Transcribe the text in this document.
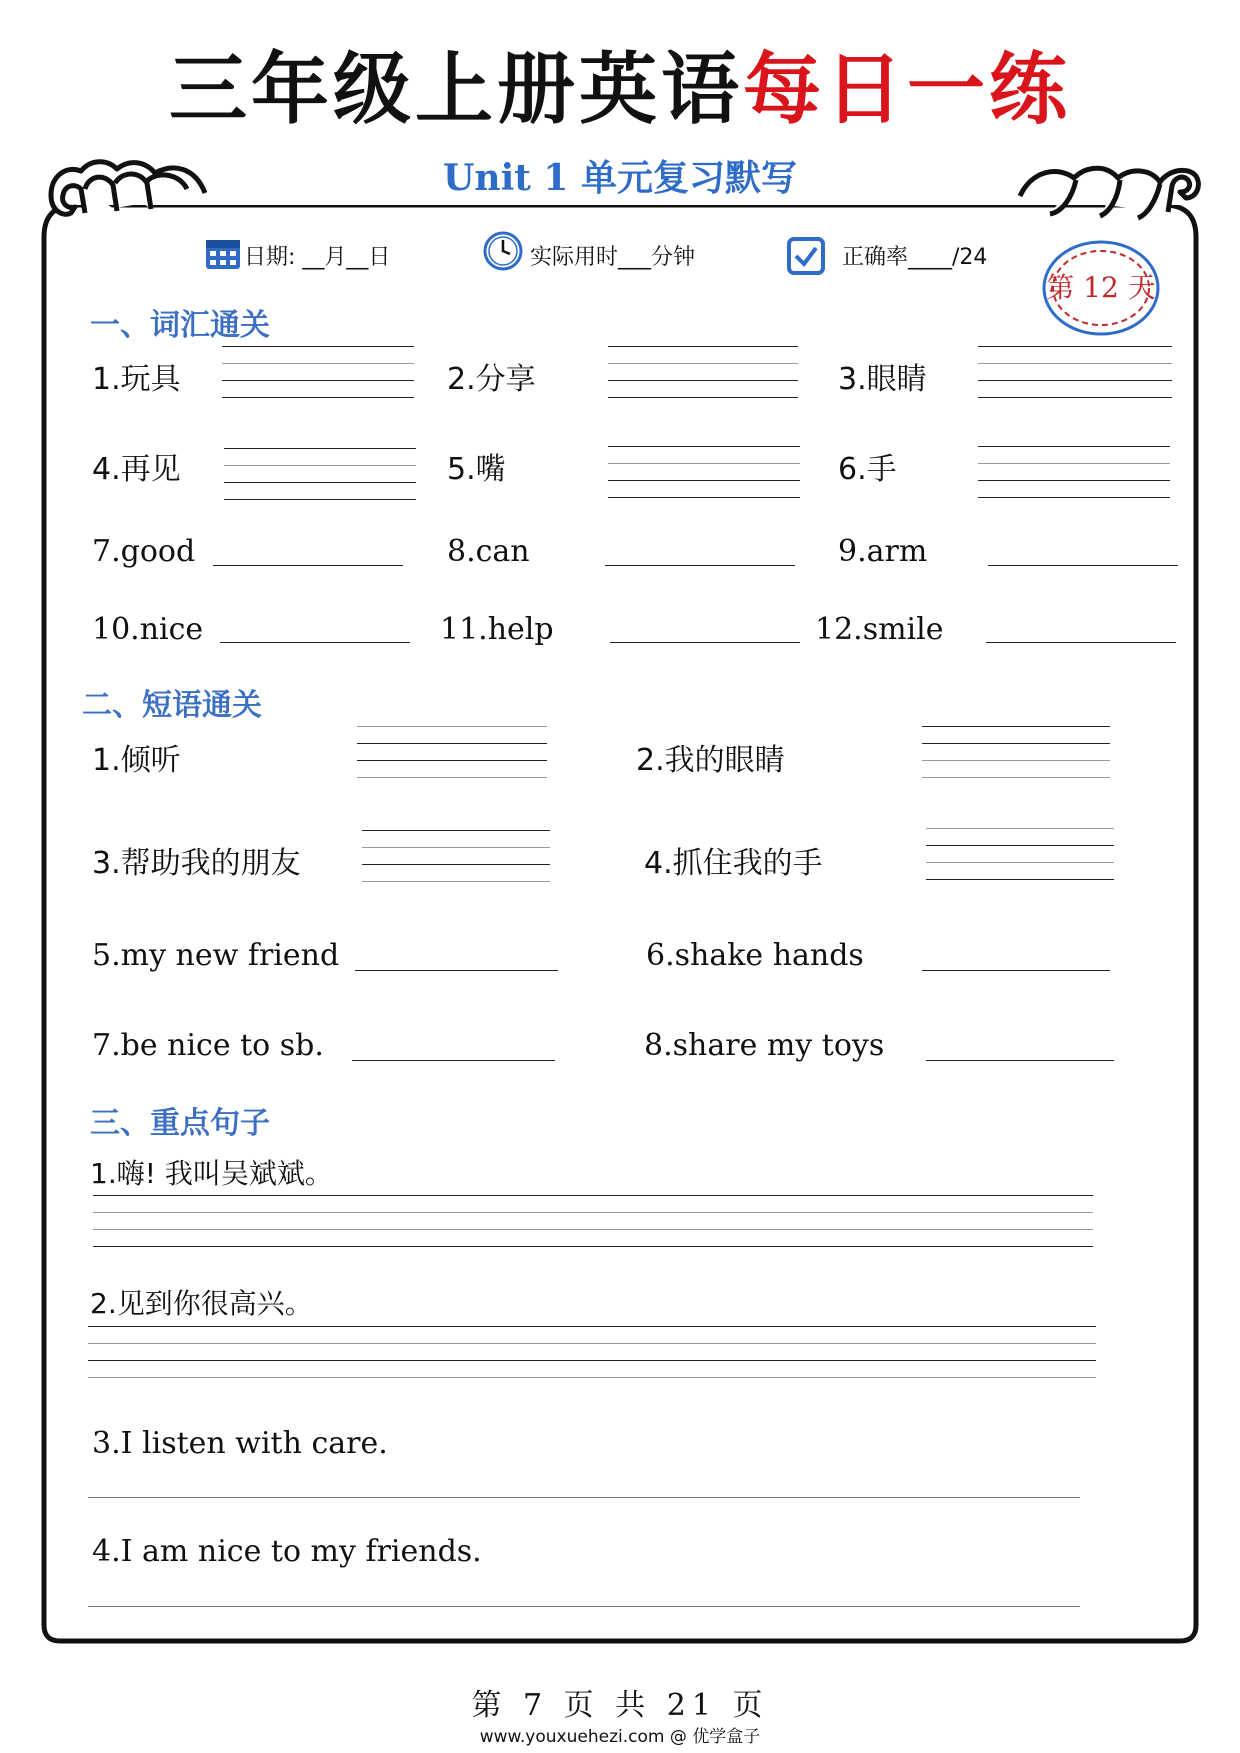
三年级上册英语每日一练
Unit 1 单元复习默写
日期: __月__日	实际用时___分钟	正确率____/24
第 12 天
一、词汇通关
1.玩具	2.分享	3.眼睛
4.再见	5.嘴	6.手
7.good	8.can	9.arm
10.nice	11.help	12.smile
二、短语通关
1.倾听	2.我的眼睛
3.帮助我的朋友	4.抓住我的手
5.my new friend	6.shake hands
7.be nice to sb.	8.share my toys
三、重点句子
1.嗨! 我叫吴斌斌。
2.见到你很高兴。
3.I listen with care.
4.I am nice to my friends.
第 7 页 共 21 页
www.youxuehezi.com @ 优学盒子
